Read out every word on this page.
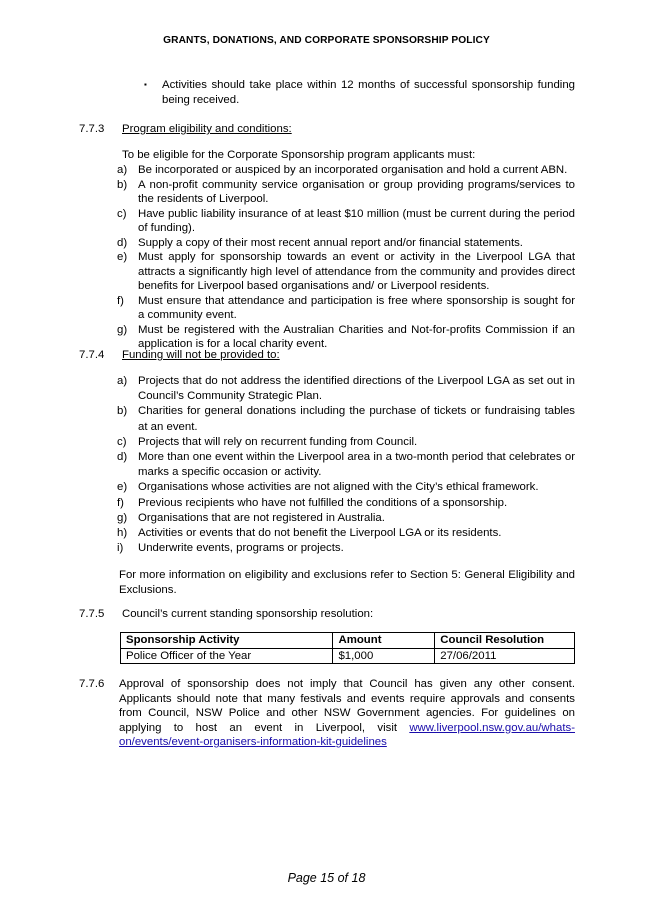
GRANTS, DONATIONS, AND CORPORATE SPONSORSHIP POLICY
▪	Activities should take place within 12 months of successful sponsorship funding being received.
7.7.3 Program eligibility and conditions:
To be eligible for the Corporate Sponsorship program applicants must:
a) Be incorporated or auspiced by an incorporated organisation and hold a current ABN.
b) A non-profit community service organisation or group providing programs/services to the residents of Liverpool.
c)	Have public liability insurance of at least $10 million (must be current during the period of funding).
d) Supply a copy of their most recent annual report and/or financial statements.
e) Must apply for sponsorship towards an event or activity in the Liverpool LGA that attracts a significantly high level of attendance from the community and provides direct benefits for Liverpool based organisations and/ or Liverpool residents.
f)	Must ensure that attendance and participation is free where sponsorship is sought for a community event.
g) Must be registered with the Australian Charities and Not-for-profits Commission if an application is for a local charity event.
7.7.4 Funding will not be provided to:
a) Projects that do not address the identified directions of the Liverpool LGA as set out in Council’s Community Strategic Plan.
b) Charities for general donations including the purchase of tickets or fundraising tables at an event.
c)	Projects that will rely on recurrent funding from Council.
d) More than one event within the Liverpool area in a two-month period that celebrates or marks a specific occasion or activity.
e) Organisations whose activities are not aligned with the City’s ethical framework.
f)	Previous recipients who have not fulfilled the conditions of a sponsorship.
g) Organisations that are not registered in Australia.
h) Activities or events that do not benefit the Liverpool LGA or its residents.
i)	Underwrite events, programs or projects.
For more information on eligibility and exclusions refer to Section 5: General Eligibility and Exclusions.
7.7.5 Council’s current standing sponsorship resolution:
Sponsorship Activity	Amount	Council Resolution
Police Officer of the Year	$1,000	27/06/2011
7.7.6 Approval of sponsorship does not imply that Council has given any other consent. Applicants should note that many festivals and events require approvals and consents from Council, NSW Police and other NSW Government agencies. For guidelines on applying to host an event in Liverpool, visit www.liverpool.nsw.gov.au/whats-on/events/event-organisers-information-kit-guidelines
Page 15 of 18
